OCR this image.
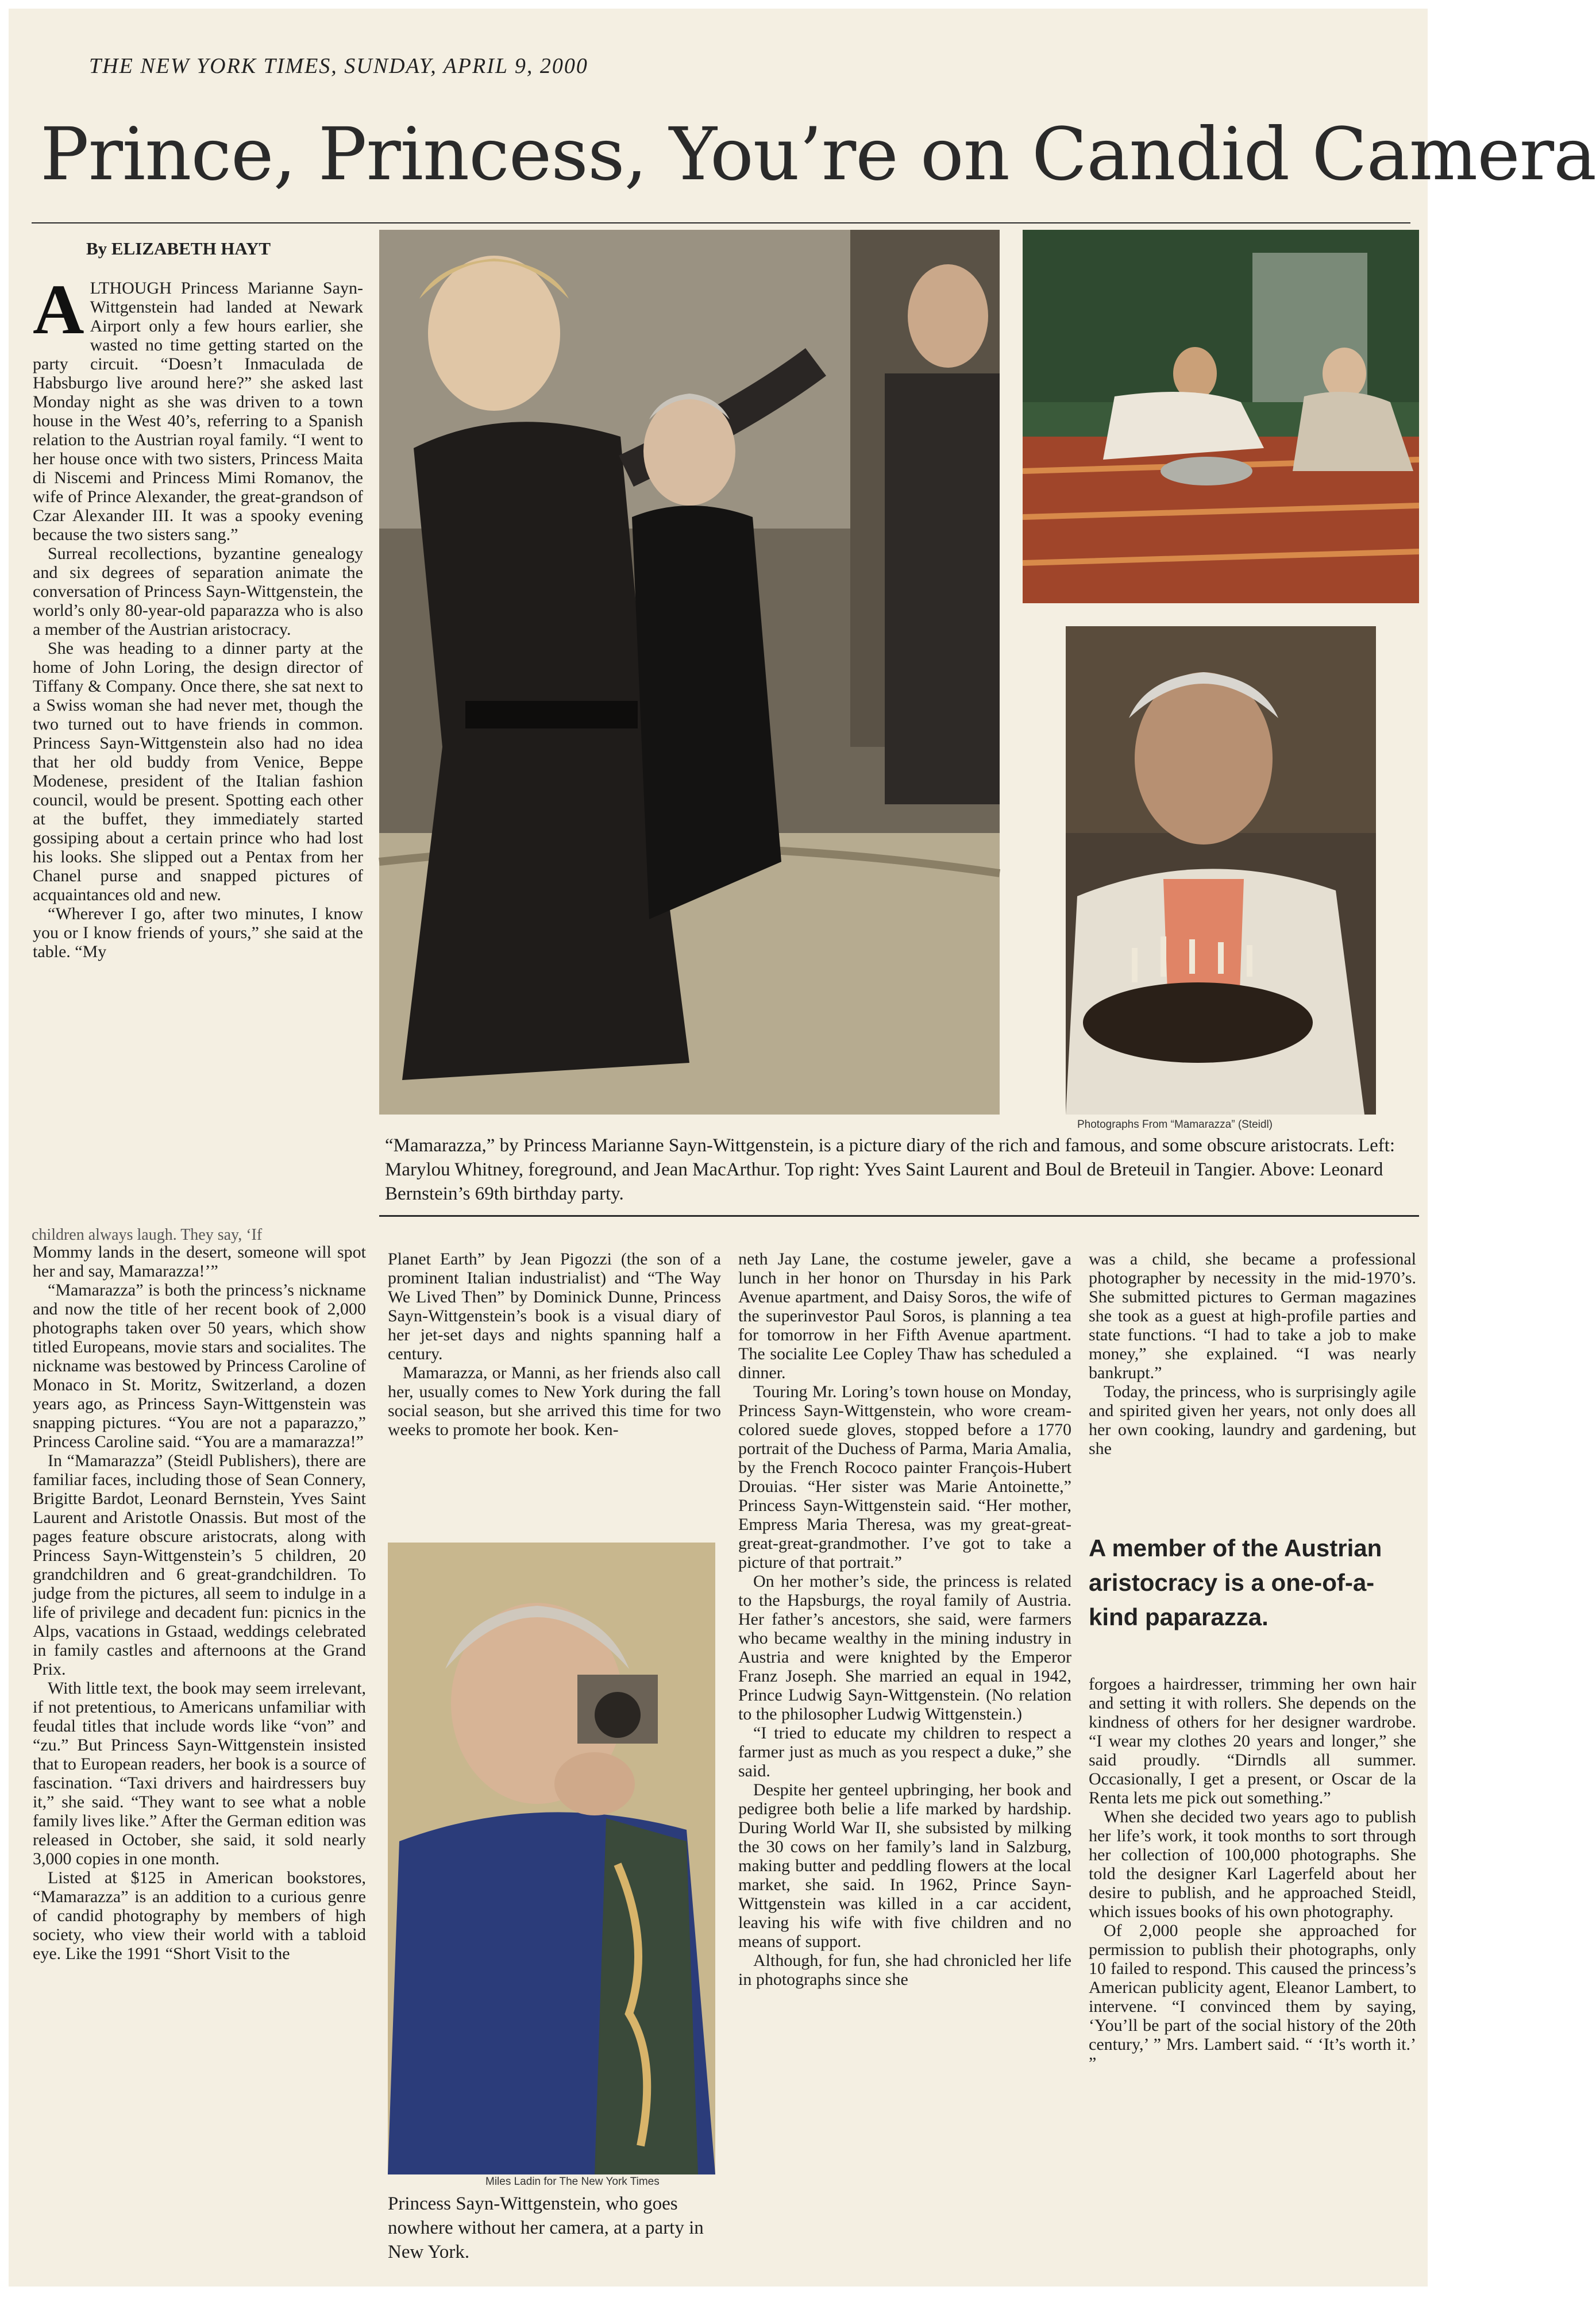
THE NEW YORK TIMES, SUNDAY, APRIL 9, 2000
Prince, Princess, You’re on Candid Camera
By ELIZABETH HAYT

ALTHOUGH Princess Marianne Sayn-Wittgenstein had landed at Newark Airport only a few hours earlier, she wasted no time getting started on the party circuit. “Doesn’t Inmaculada de Habsburgo live around here?” she asked last Monday night as she was driven to a town house in the West 40’s, referring to a Spanish relation to the Austrian royal family. “I went to her house once with two sisters, Princess Maita di Niscemi and Princess Mimi Romanov, the wife of Prince Alexander, the great-grandson of Czar Alexander III. It was a spooky evening because the two sisters sang.”

Surreal recollections, byzantine genealogy and six degrees of separation animate the conversation of Princess Sayn-Wittgenstein, the world’s only 80-year-old paparazza who is also a member of the Austrian aristocracy.

She was heading to a dinner party at the home of John Loring, the design director of Tiffany & Company. Once there, she sat next to a Swiss woman she had never met, though the two turned out to have friends in common. Princess Sayn-Wittgenstein also had no idea that her old buddy from Venice, Beppe Modenese, president of the Italian fashion council, would be present. Spotting each other at the buffet, they immediately started gossiping about a certain prince who had lost his looks. She slipped out a Pentax from her Chanel purse and snapped pictures of acquaintances old and new.

“Wherever I go, after two minutes, I know you or I know friends of yours,” she said at the table. “My

children always laugh. They say, ‘If
Photographs From “Mamarazza” (Steidl)
“Mamarazza,” by Princess Marianne Sayn-Wittgenstein, is a picture diary of the rich and famous, and some obscure aristocrats. Left: Marylou Whitney, foreground, and Jean MacArthur. Top right: Yves Saint Laurent and Boul de Breteuil in Tangier. Above: Leonard Bernstein’s 69th birthday party.

Mommy lands in the desert, someone will spot her and say, Mamarazza!’”

“Mamarazza” is both the princess’s nickname and now the title of her recent book of 2,000 photographs taken over 50 years, which show titled Europeans, movie stars and socialites. The nickname was bestowed by Princess Caroline of Monaco in St. Moritz, Switzerland, a dozen years ago, as Princess Sayn-Wittgenstein was snapping pictures. “You are not a paparazzo,” Princess Caroline said. “You are a mamarazza!”

In “Mamarazza” (Steidl Publishers), there are familiar faces, including those of Sean Connery, Brigitte Bardot, Leonard Bernstein, Yves Saint Laurent and Aristotle Onassis. But most of the pages feature obscure aristocrats, along with Princess Sayn-Wittgenstein’s 5 children, 20 grandchildren and 6 great-grandchildren. To judge from the pictures, all seem to indulge in a life of privilege and decadent fun: picnics in the Alps, vacations in Gstaad, weddings celebrated in family castles and afternoons at the Grand Prix.

With little text, the book may seem irrelevant, if not pretentious, to Americans unfamiliar with feudal titles that include words like “von” and “zu.” But Princess Sayn-Wittgenstein insisted that to European readers, her book is a source of fascination. “Taxi drivers and hairdressers buy it,” she said. “They want to see what a noble family lives like.” After the German edition was released in October, she said, it sold nearly 3,000 copies in one month.

Listed at $125 in American bookstores, “Mamarazza” is an addition to a curious genre of candid photography by members of high society, who view their world with a tabloid eye. Like the 1991 “Short Visit to the

Planet Earth” by Jean Pigozzi (the son of a prominent Italian industrialist) and “The Way We Lived Then” by Dominick Dunne, Princess Sayn-Wittgenstein’s book is a visual diary of her jet-set days and nights spanning half a century.

Mamarazza, or Manni, as her friends also call her, usually comes to New York during the fall social season, but she arrived this time for two weeks to promote her book. Ken-

Miles Ladin for The New York Times
Princess Sayn-Wittgenstein, who goes nowhere without her camera, at a party in New York.

neth Jay Lane, the costume jeweler, gave a lunch in her honor on Thursday in his Park Avenue apartment, and Daisy Soros, the wife of the superinvestor Paul Soros, is planning a tea for tomorrow in her Fifth Avenue apartment. The socialite Lee Copley Thaw has scheduled a dinner.

Touring Mr. Loring’s town house on Monday, Princess Sayn-Wittgenstein, who wore cream-colored suede gloves, stopped before a 1770 portrait of the Duchess of Parma, Maria Amalia, by the French Rococo painter François-Hubert Drouias. “Her sister was Marie Antoinette,” Princess Sayn-Wittgenstein said. “Her mother, Empress Maria Theresa, was my great-great-great-great-grandmother. I’ve got to take a picture of that portrait.”

On her mother’s side, the princess is related to the Hapsburgs, the royal family of Austria. Her father’s ancestors, she said, were farmers who became wealthy in the mining industry in Austria and were knighted by the Emperor Franz Joseph. She married an equal in 1942, Prince Ludwig Sayn-Wittgenstein. (No relation to the philosopher Ludwig Wittgenstein.)

“I tried to educate my children to respect a farmer just as much as you respect a duke,” she said.

Despite her genteel upbringing, her book and pedigree both belie a life marked by hardship. During World War II, she subsisted by milking the 30 cows on her family’s land in Salzburg, making butter and peddling flowers at the local market, she said. In 1962, Prince Sayn-Wittgenstein was killed in a car accident, leaving his wife with five children and no means of support.

Although, for fun, she had chronicled her life in photographs since she

was a child, she became a professional photographer by necessity in the mid-1970’s. She submitted pictures to German magazines she took as a guest at high-profile parties and state functions. “I had to take a job to make money,” she explained. “I was nearly bankrupt.”

Today, the princess, who is surprisingly agile and spirited given her years, not only does all her own cooking, laundry and gardening, but she

A member of the Austrian aristocracy is a one-of-a-kind paparazza.

forgoes a hairdresser, trimming her own hair and setting it with rollers. She depends on the kindness of others for her designer wardrobe. “I wear my clothes 20 years and longer,” she said proudly. “Dirndls all summer. Occasionally, I get a present, or Oscar de la Renta lets me pick out something.”

When she decided two years ago to publish her life’s work, it took months to sort through her collection of 100,000 photographs. She told the designer Karl Lagerfeld about her desire to publish, and he approached Steidl, which issues books of his own photography.

Of 2,000 people she approached for permission to publish their photographs, only 10 failed to respond. This caused the princess’s American publicity agent, Eleanor Lambert, to intervene. “I convinced them by saying, ‘You’ll be part of the social history of the 20th century,’ ” Mrs. Lambert said. “ ‘It’s worth it.’ ”
